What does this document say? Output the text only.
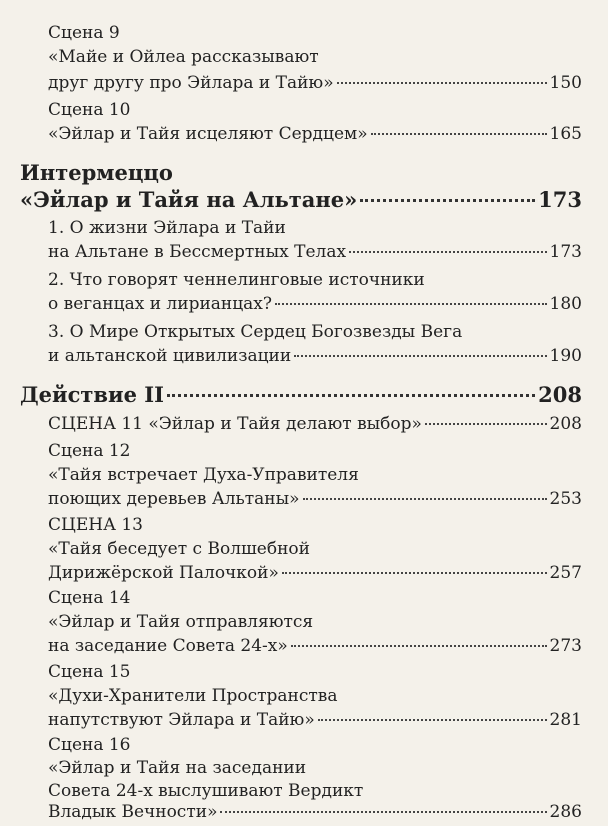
Сцена 9
«Майе и Ойлеа рассказывают
друг другу про Эйлара и Тайю»	150
Сцена 10
«Эйлар и Тайя исцеляют Сердцем»	165
Интермеццо
«Эйлар и Тайя на Альтане»	173
1. О жизни Эйлара и Тайи
на Альтане в Бессмертных Телах	173
2. Что говорят ченнелинговые источники
о веганцах и лирианцах?	180
3. О Мире Открытых Сердец Богозвезды Вега
и альтанской цивилизации	190
Действие II	208
СЦЕНА 11 «Эйлар и Тайя делают выбор»	208
Сцена 12
«Тайя встречает Духа-Управителя
поющих деревьев Альтаны»	253
СЦЕНА 13
«Тайя беседует с Волшебной
Дирижёрской Палочкой»	257
Сцена 14
«Эйлар и Тайя отправляются
на заседание Совета 24-х»	273
Сцена 15
«Духи-Хранители Пространства
напутствуют Эйлара и Тайю»	281
Сцена 16
«Эйлар и Тайя на заседании
Совета 24-х выслушивают Вердикт
Владык Вечности»	286
